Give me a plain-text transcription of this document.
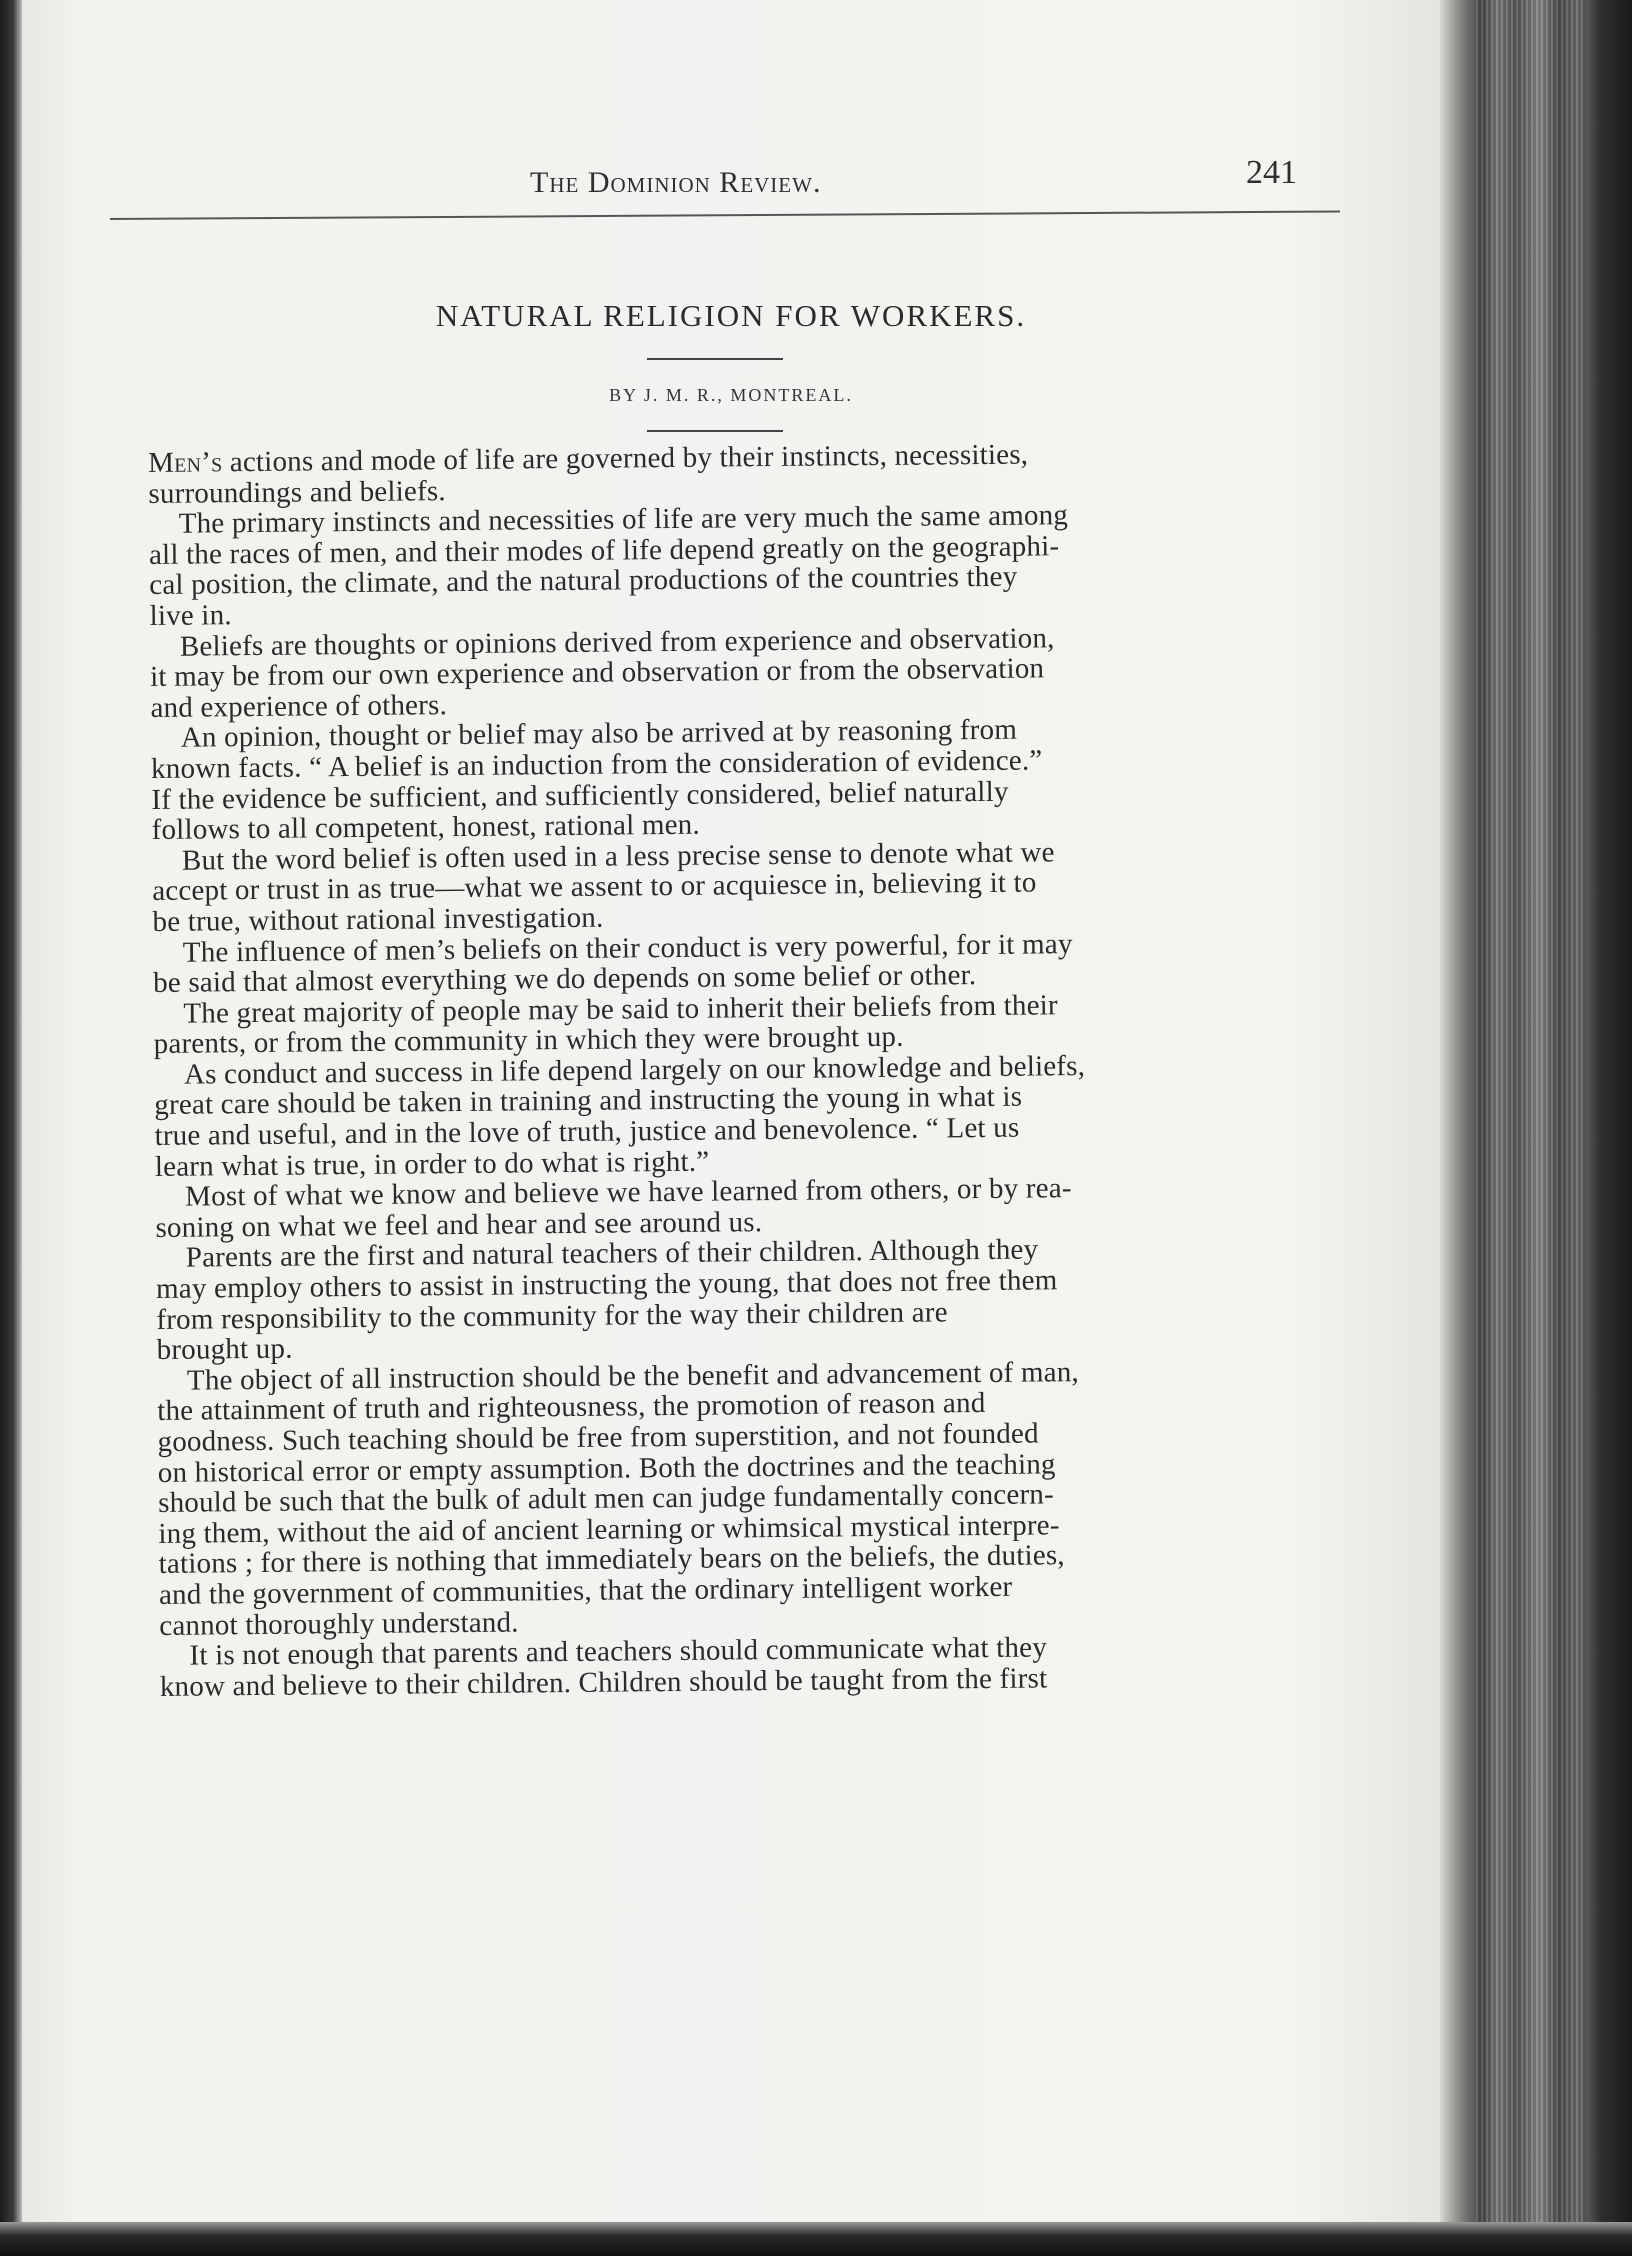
The Dominion Review.	241
NATURAL RELIGION FOR WORKERS.
BY J. M. R., MONTREAL.
Men’s actions and mode of life are governed by their instincts, necessities,
surroundings and beliefs.
The primary instincts and necessities of life are very much the same among
all the races of men, and their modes of life depend greatly on the geographi-
cal position, the climate, and the natural productions of the countries they
live in.
Beliefs are thoughts or opinions derived from experience and observation,
it may be from our own experience and observation or from the observation
and experience of others.
An opinion, thought or belief may also be arrived at by reasoning from
known facts. “ A belief is an induction from the consideration of evidence.”
If the evidence be sufficient, and sufficiently considered, belief naturally
follows to all competent, honest, rational men.
But the word belief is often used in a less precise sense to denote what we
accept or trust in as true—what we assent to or acquiesce in, believing it to
be true, without rational investigation.
The influence of men’s beliefs on their conduct is very powerful, for it may
be said that almost everything we do depends on some belief or other.
The great majority of people may be said to inherit their beliefs from their
parents, or from the community in which they were brought up.
As conduct and success in life depend largely on our knowledge and beliefs,
great care should be taken in training and instructing the young in what is
true and useful, and in the love of truth, justice and benevolence. “ Let us
learn what is true, in order to do what is right.”
Most of what we know and believe we have learned from others, or by rea-
soning on what we feel and hear and see around us.
Parents are the first and natural teachers of their children. Although they
may employ others to assist in instructing the young, that does not free them
from responsibility to the community for the way their children are
brought up.
The object of all instruction should be the benefit and advancement of man,
the attainment of truth and righteousness, the promotion of reason and
goodness. Such teaching should be free from superstition, and not founded
on historical error or empty assumption. Both the doctrines and the teaching
should be such that the bulk of adult men can judge fundamentally concern-
ing them, without the aid of ancient learning or whimsical mystical interpre-
tations ; for there is nothing that immediately bears on the beliefs, the duties,
and the government of communities, that the ordinary intelligent worker
cannot thoroughly understand.
It is not enough that parents and teachers should communicate what they
know and believe to their children. Children should be taught from the first
